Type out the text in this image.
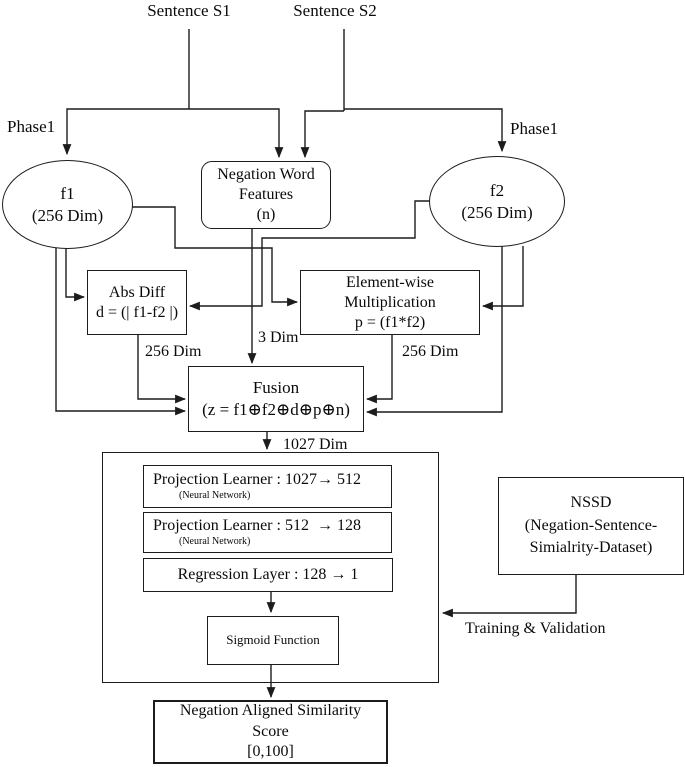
Sentence S1	Sentence S2
Phase1	Phase1
f1
(256 Dim)
Negation Word
Features
(n)
f2
(256 Dim)
Abs Diff
d = (| f1-f2 |)
Element-wise
Multiplication
p = (f1*f2)
256 Dim
3 Dim
256 Dim
Fusion
(z = f1⊕f2⊕d⊕p⊕n)
1027 Dim
Projection Learner : 1027→ 512
(Neural Network)
Projection Learner : 512  → 128
(Neural Network)
Regression Layer : 128 → 1
Sigmoid Function
NSSD
(Negation-Sentence-
Simialrity-Dataset)
Training & Validation
Negation Aligned Similarity
Score
[0,100]
